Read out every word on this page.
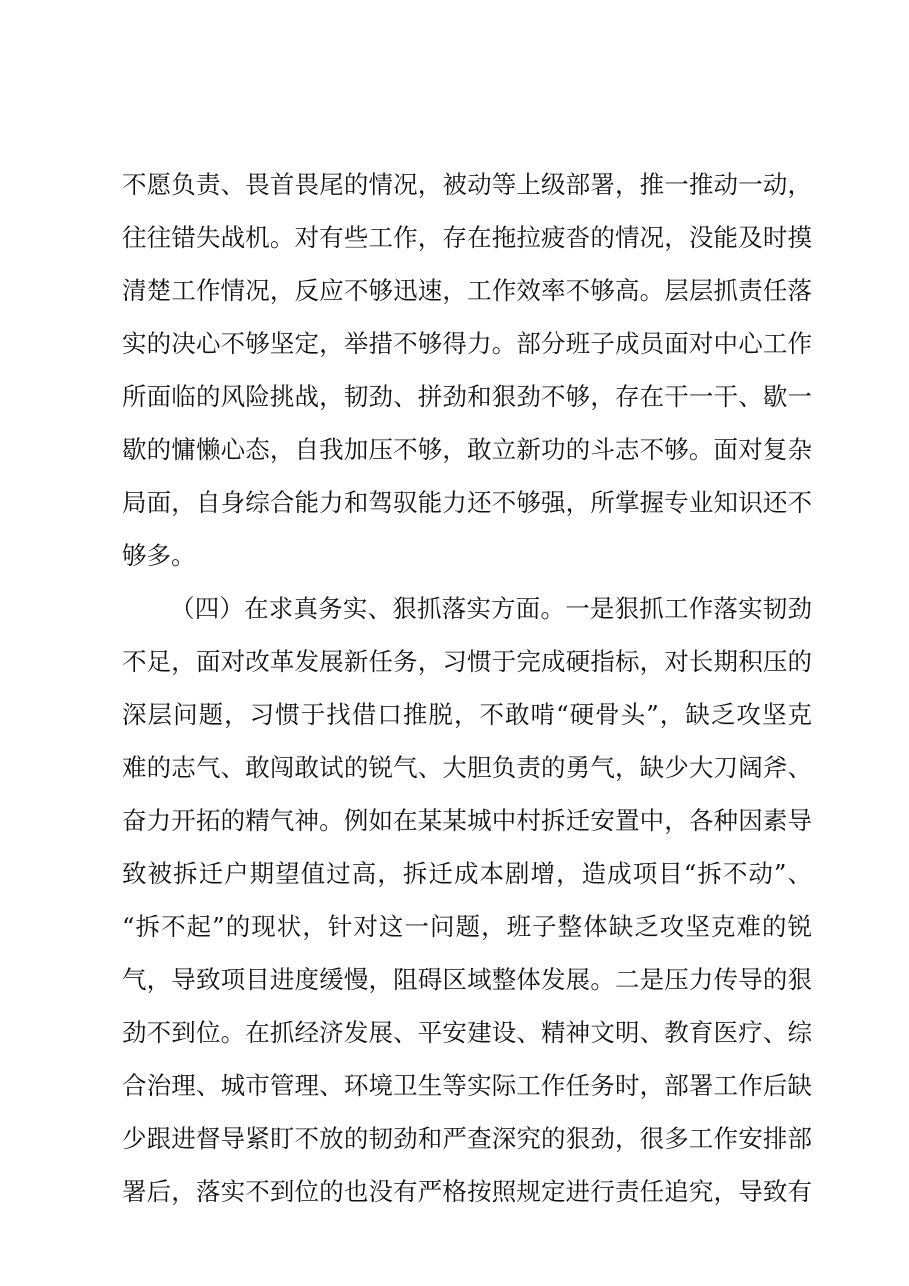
不愿负责、畏首畏尾的情况，被动等上级部署，推一推动一动，
往往错失战机。对有些工作，存在拖拉疲沓的情况，没能及时摸
清楚工作情况，反应不够迅速，工作效率不够高。层层抓责任落
实的决心不够坚定，举措不够得力。部分班子成员面对中心工作
所面临的风险挑战，韧劲、拼劲和狠劲不够，存在干一干、歇一
歇的慵懒心态，自我加压不够，敢立新功的斗志不够。面对复杂
局面，自身综合能力和驾驭能力还不够强，所掌握专业知识还不
够多。
（四）在求真务实、狠抓落实方面。一是狠抓工作落实韧劲
不足，面对改革发展新任务，习惯于完成硬指标，对长期积压的
深层问题，习惯于找借口推脱，不敢啃“硬骨头”，缺乏攻坚克
难的志气、敢闯敢试的锐气、大胆负责的勇气，缺少大刀阔斧、
奋力开拓的精气神。例如在某某城中村拆迁安置中，各种因素导
致被拆迁户期望值过高，拆迁成本剧增，造成项目“拆不动”、
“拆不起”的现状，针对这一问题，班子整体缺乏攻坚克难的锐
气，导致项目进度缓慢，阻碍区域整体发展。二是压力传导的狠
劲不到位。在抓经济发展、平安建设、精神文明、教育医疗、综
合治理、城市管理、环境卫生等实际工作任务时，部署工作后缺
少跟进督导紧盯不放的韧劲和严查深究的狠劲，很多工作安排部
署后，落实不到位的也没有严格按照规定进行责任追究，导致有
